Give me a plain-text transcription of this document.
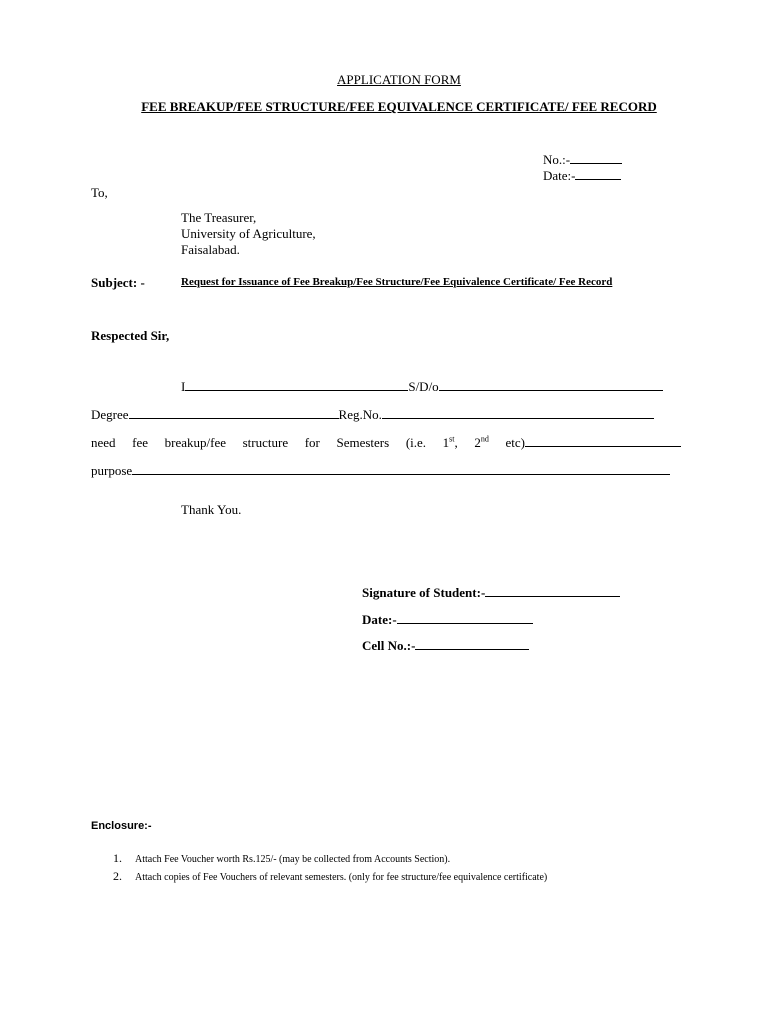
APPLICATION FORM
FEE BREAKUP/FEE STRUCTURE/FEE EQUIVALENCE CERTIFICATE/ FEE RECORD
No.:-
Date:-
To,
The Treasurer,
University of Agriculture,
Faisalabad.
Subject: -	Request for Issuance of Fee Breakup/Fee Structure/Fee Equivalence Certificate/ Fee Record
Respected Sir,
I	S/D/o
Degree	Reg.No.
need fee breakup/fee structure for Semesters (i.e. 1st, 2nd etc)
purpose
Thank You.
Signature of Student:-
Date:-
Cell No.:-
Enclosure:-
1. Attach Fee Voucher worth Rs.125/- (may be collected from Accounts Section).
2. Attach copies of Fee Vouchers of relevant semesters. (only for fee structure/fee equivalence certificate)
